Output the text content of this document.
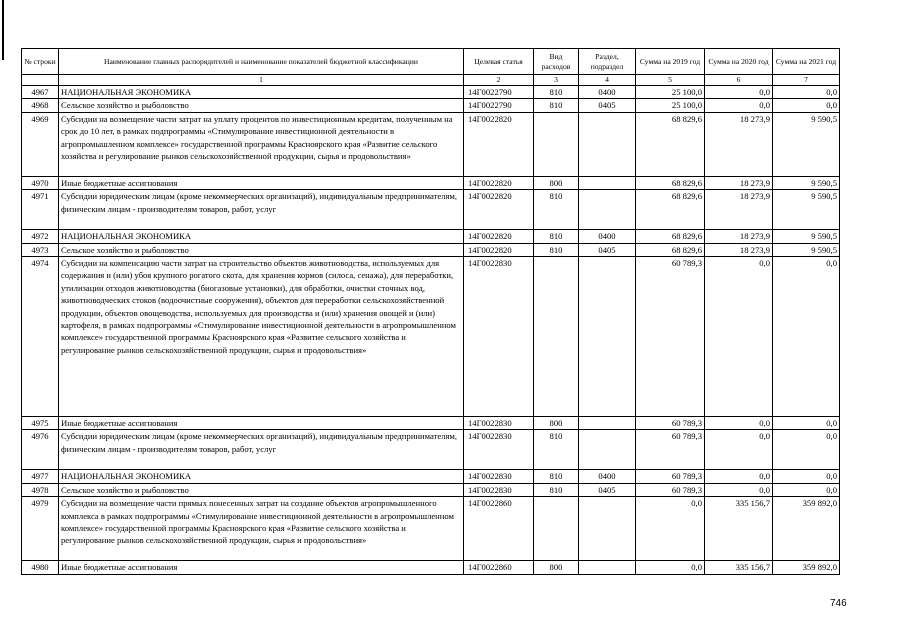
№ строки	Наименование главных распорядителей и наименование показателей бюджетной классификации	Целевая статья	Вид расходов	Раздел, подраздел	Сумма на 2019 год	Сумма на 2020 год	Сумма на 2021 год
	1	2	3	4	5	6	7
4967	НАЦИОНАЛЬНАЯ ЭКОНОМИКА	14Г0022790	810	0400	25 100,0	0,0	0,0
4968	Сельское хозяйство и рыболовство	14Г0022790	810	0405	25 100,0	0,0	0,0
4969	Субсидии на возмещение части затрат на уплату процентов по инвестиционным кредитам, полученным на срок до 10 лет, в рамках подпрограммы «Стимулирование инвестиционной деятельности в агропромышленном комплексе» государственной программы Красноярского края «Развитие сельского хозяйства и регулирование рынков сельскохозяйственной продукции, сырья и продовольствия»	14Г0022820			68 829,6	18 273,9	9 590,5
4970	Иные бюджетные ассигнования	14Г0022820	800		68 829,6	18 273,9	9 590,5
4971	Субсидии юридическим лицам (кроме некоммерческих организаций), индивидуальным предпринимателям, физическим лицам - производителям товаров, работ, услуг	14Г0022820	810		68 829,6	18 273,9	9 590,5
4972	НАЦИОНАЛЬНАЯ ЭКОНОМИКА	14Г0022820	810	0400	68 829,6	18 273,9	9 590,5
4973	Сельское хозяйство и рыболовство	14Г0022820	810	0405	68 829,6	18 273,9	9 590,5
4974	Субсидии на компенсацию части затрат на строительство объектов животноводства, используемых для содержания и (или) убоя крупного рогатого скота, для хранения кормов (силоса, сенажа), для переработки, утилизации отходов животноводства (биогазовые установки), для обработки, очистки сточных вод, животноводческих стоков (водоочистные сооружения), объектов для переработки сельскохозяйственной продукции, объектов овощеводства, используемых для производства и (или) хранения овощей и (или) картофеля, в рамках подпрограммы «Стимулирование инвестиционной деятельности в агропромышленном комплексе» государственной программы Красноярского края «Развитие сельского хозяйства и регулирование рынков сельскохозяйственной продукции, сырья и продовольствия»	14Г0022830			60 789,3	0,0	0,0
4975	Иные бюджетные ассигнования	14Г0022830	800		60 789,3	0,0	0,0
4976	Субсидии юридическим лицам (кроме некоммерческих организаций), индивидуальным предпринимателям, физическим лицам - производителям товаров, работ, услуг	14Г0022830	810		60 789,3	0,0	0,0
4977	НАЦИОНАЛЬНАЯ ЭКОНОМИКА	14Г0022830	810	0400	60 789,3	0,0	0,0
4978	Сельское хозяйство и рыболовство	14Г0022830	810	0405	60 789,3	0,0	0,0
4979	Субсидии на возмещение части прямых понесенных затрат на создание объектов агропромышленного комплекса в рамках подпрограммы «Стимулирование инвестиционной деятельности в агропромышленном комплексе» государственной программы Красноярского края «Развитие сельского хозяйства и регулирование рынков сельскохозяйственной продукции, сырья и продовольствия»	14Г0022860			0,0	335 156,7	359 892,0
4980	Иные бюджетные ассигнования	14Г0022860	800		0,0	335 156,7	359 892,0
746
